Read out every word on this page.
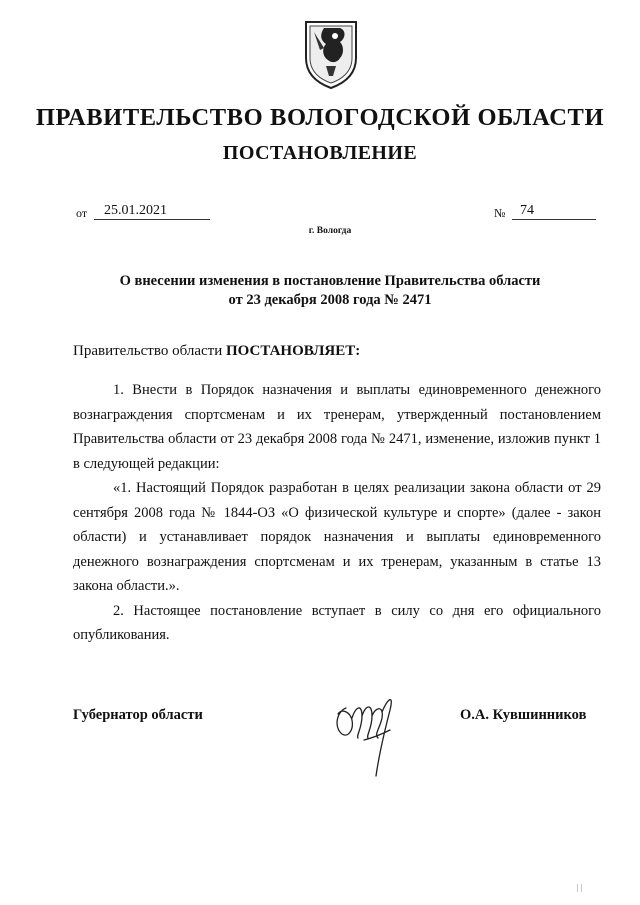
ПРАВИТЕЛЬСТВО ВОЛОГОДСКОЙ ОБЛАСТИ
ПОСТАНОВЛЕНИЕ
от	25.01.2021	№	74
г. Вологда
О внесении изменения в постановление Правительства области
от 23 декабря 2008 года № 2471
Правительство области ПОСТАНОВЛЯЕТ:

1. Внести в Порядок назначения и выплаты единовременного денежного вознаграждения спортсменам и их тренерам, утвержденный постановлением Правительства области от 23 декабря 2008 года № 2471, изменение, изложив пункт 1 в следующей редакции:

«1. Настоящий Порядок разработан в целях реализации закона области от 29 сентября 2008 года № 1844-ОЗ «О физической культуре и спорте» (далее - закон области) и устанавливает порядок назначения и выплаты единовременного денежного вознаграждения спортсменам и их тренерам, указанным в статье 13 закона области.».

2. Настоящее постановление вступает в силу со дня его официального опубликования.

Губернатор области	О.А. Кувшинников
| |
